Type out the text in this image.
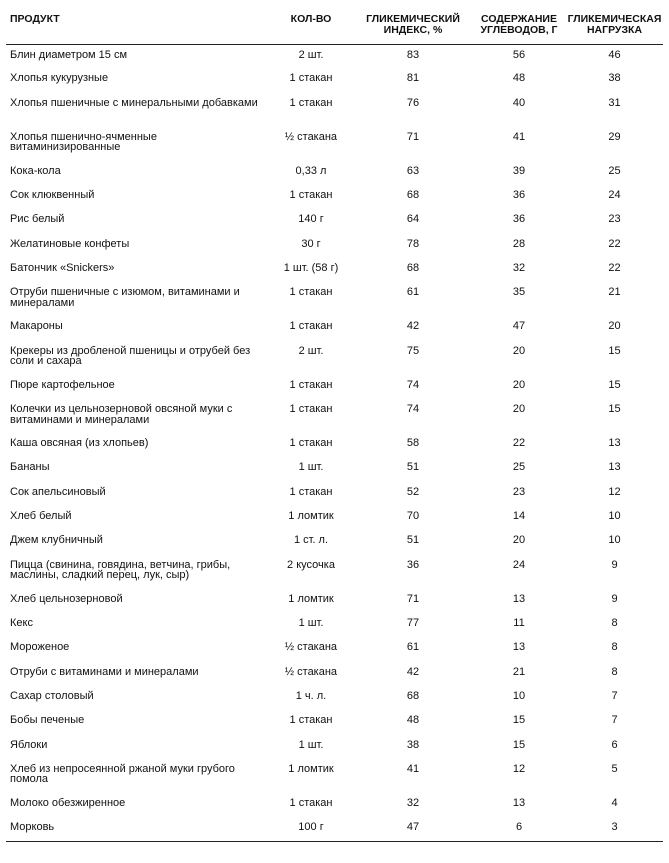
ПРОДУКТ	КОЛ-ВО	ГЛИКЕМИЧЕСКИЙ ИНДЕКС, %	СОДЕРЖАНИЕ УГЛЕВОДОВ, Г	ГЛИКЕМИЧЕСКАЯ НАГРУЗКА
Блин диаметром 15 см	2 шт.	83	56	46
Хлопья кукурузные	1 стакан	81	48	38
Хлопья пшеничные с минеральными добавками	1 стакан	76	40	31
Хлопья пшенично-ячменные витаминизированные	½ стакана	71	41	29
Кока-кола	0,33 л	63	39	25
Сок клюквенный	1 стакан	68	36	24
Рис белый	140 г	64	36	23
Желатиновые конфеты	30 г	78	28	22
Батончик «Snickers»	1 шт. (58 г)	68	32	22
Отруби пшеничные с изюмом, витаминами и минералами	1 стакан	61	35	21
Макароны	1 стакан	42	47	20
Крекеры из дробленой пшеницы и отрубей без соли и сахара	2 шт.	75	20	15
Пюре картофельное	1 стакан	74	20	15
Колечки из цельнозерновой овсяной муки с витаминами и минералами	1 стакан	74	20	15
Каша овсяная (из хлопьев)	1 стакан	58	22	13
Бананы	1 шт.	51	25	13
Сок апельсиновый	1 стакан	52	23	12
Хлеб белый	1 ломтик	70	14	10
Джем клубничный	1 ст. л.	51	20	10
Пицца (свинина, говядина, ветчина, грибы, маслины, сладкий перец, лук, сыр)	2 кусочка	36	24	9
Хлеб цельнозерновой	1 ломтик	71	13	9
Кекс	1 шт.	77	11	8
Мороженое	½ стакана	61	13	8
Отруби с витаминами и минералами	½ стакана	42	21	8
Сахар столовый	1 ч. л.	68	10	7
Бобы печеные	1 стакан	48	15	7
Яблоки	1 шт.	38	15	6
Хлеб из непросеянной ржаной муки грубого помола	1 ломтик	41	12	5
Молоко обезжиренное	1 стакан	32	13	4
Морковь	100 г	47	6	3
